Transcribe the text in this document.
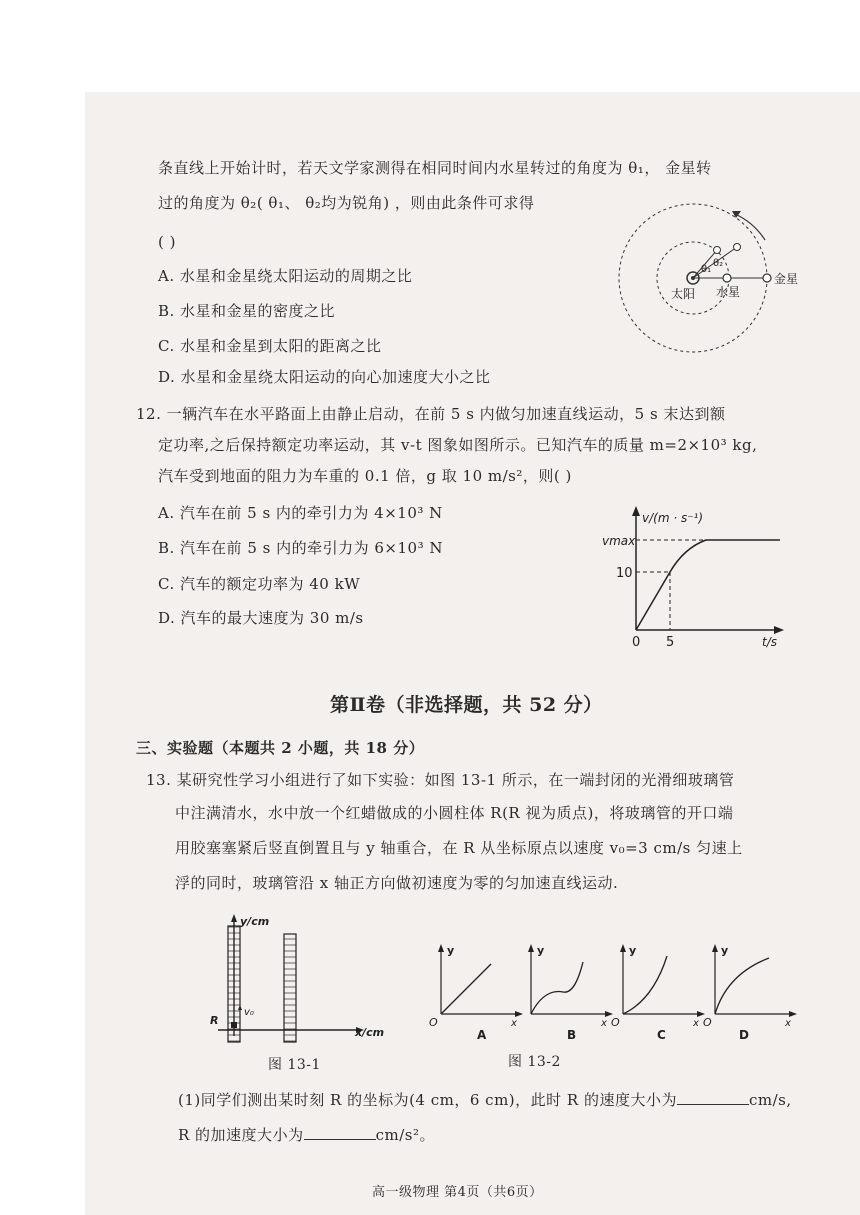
条直线上开始计时，若天文学家测得在相同时间内水星转过的角度为 θ₁， 金星转
过的角度为 θ₂( θ₁、 θ₂均为锐角) ，则由此条件可求得
( )
A. 水星和金星绕太阳运动的周期之比
B. 水星和金星的密度之比
C. 水星和金星到太阳的距离之比
D. 水星和金星绕太阳运动的向心加速度大小之比
θ₁
θ₂
太阳 水星
金星
12. 一辆汽车在水平路面上由静止启动，在前 5 s 内做匀加速直线运动，5 s 末达到额
定功率,之后保持额定功率运动，其 v-t 图象如图所示。已知汽车的质量 m=2×10³ kg,
汽车受到地面的阻力为车重的 0.1 倍，g 取 10 m/s²，则( )
A. 汽车在前 5 s 内的牵引力为 4×10³ N
B. 汽车在前 5 s 内的牵引力为 6×10³ N
C. 汽车的额定功率为 40 kW
D. 汽车的最大速度为 30 m/s
v/(m · s⁻¹)
vmax
10
0 5	t/s
第Ⅱ卷（非选择题，共 52 分）
三、实验题（本题共 2 小题，共 18 分）
13. 某研究性学习小组进行了如下实验：如图 13-1 所示，在一端封闭的光滑细玻璃管
中注满清水，水中放一个红蜡做成的小圆柱体 R(R 视为质点)，将玻璃管的开口端
用胶塞塞紧后竖直倒置且与 y 轴重合，在 R 从坐标原点以速度 v₀=3 cm/s 匀速上
浮的同时，玻璃管沿 x 轴正方向做初速度为零的匀加速直线运动.
y/cm
x/cm
R
v₀
图 13-1
y
x
O
A
y
x
B
y
x
O
C
y
x
O
D
图 13-2
(1)同学们测出某时刻 R 的坐标为(4 cm，6 cm)，此时 R 的速度大小为	cm/s,
R 的加速度大小为	cm/s²。
高一级物理 第4页（共6页）
